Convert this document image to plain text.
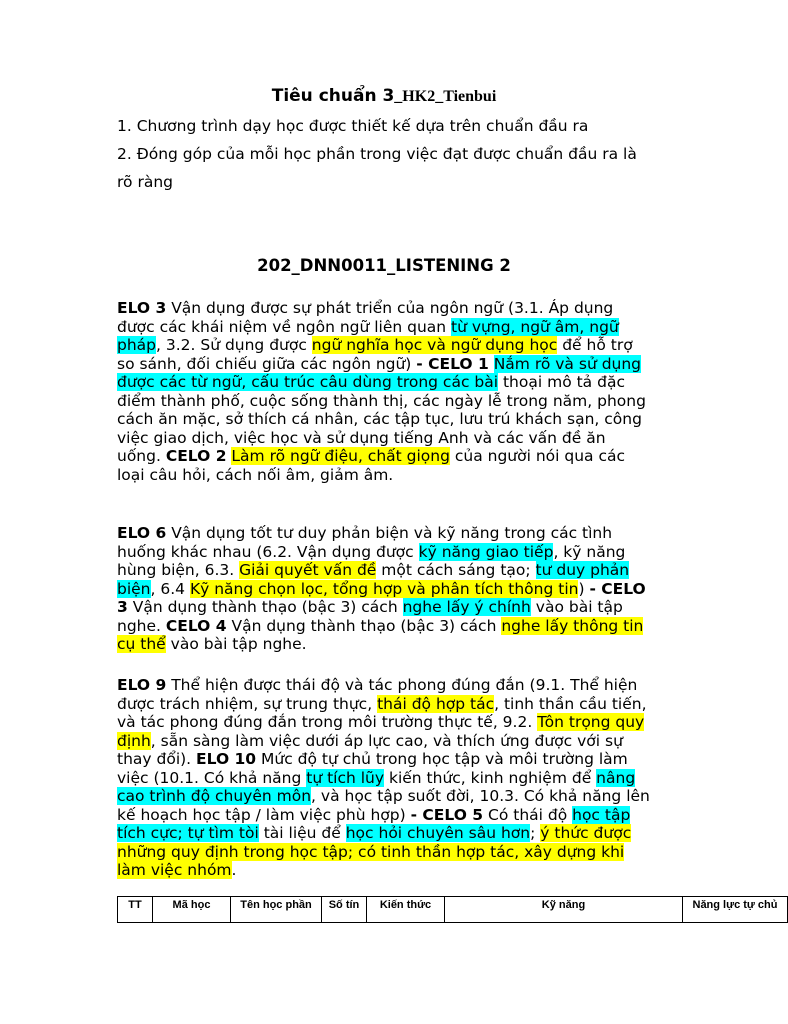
Tiêu chuẩn 3_HK2_Tienbui
1. Chương trình dạy học được thiết kế dựa trên chuẩn đầu ra
2. Đóng góp của mỗi học phần trong việc đạt được chuẩn đầu ra là rõ ràng
202_DNN0011_LISTENING 2
ELO 3 Vận dụng được sự phát triển của ngôn ngữ (3.1. Áp dụng được các khái niệm về ngôn ngữ liên quan từ vựng, ngữ âm, ngữ pháp, 3.2. Sử dụng được ngữ nghĩa học và ngữ dụng học để hỗ trợ so sánh, đối chiếu giữa các ngôn ngữ) - CELO 1 Nắm rõ và sử dụng được các từ ngữ, cấu trúc câu dùng trong các bài thoại mô tả đặc điểm thành phố, cuộc sống thành thị, các ngày lễ trong năm, phong cách ăn mặc, sở thích cá nhân, các tập tục, lưu trú khách sạn, công việc giao dịch, việc học và sử dụng tiếng Anh và các vấn đề ăn uống. CELO 2 Làm rõ ngữ điệu, chất giọng của người nói qua các loại câu hỏi, cách nối âm, giảm âm.
ELO 6 Vận dụng tốt tư duy phản biện và kỹ năng trong các tình huống khác nhau (6.2. Vận dụng được kỹ năng giao tiếp, kỹ năng hùng biện, 6.3. Giải quyết vấn đề một cách sáng tạo; tư duy phản biện, 6.4 Kỹ năng chọn lọc, tổng hợp và phân tích thông tin) - CELO 3 Vận dụng thành thạo (bậc 3) cách nghe lấy ý chính vào bài tập nghe. CELO 4 Vận dụng thành thạo (bậc 3) cách nghe lấy thông tin cụ thể vào bài tập nghe.
ELO 9 Thể hiện được thái độ và tác phong đúng đắn (9.1. Thể hiện được trách nhiệm, sự trung thực, thái độ hợp tác, tinh thần cầu tiến, và tác phong đúng đắn trong môi trường thực tế, 9.2. Tôn trọng quy định, sẵn sàng làm việc dưới áp lực cao, và thích ứng được với sự thay đổi). ELO 10 Mức độ tự chủ trong học tập và môi trường làm việc (10.1. Có khả năng tự tích lũy kiến thức, kinh nghiệm để nâng cao trình độ chuyên môn, và học tập suốt đời, 10.3. Có khả năng lên kế hoạch học tập / làm việc phù hợp) - CELO 5 Có thái độ học tập tích cực; tự tìm tòi tài liệu để học hỏi chuyên sâu hơn; ý thức được những quy định trong học tập; có tinh thần hợp tác, xây dựng khi làm việc nhóm.
TT	Mã học	Tên học phần	Số tín	Kiến thức	Kỹ năng	Năng lực tự chủ
